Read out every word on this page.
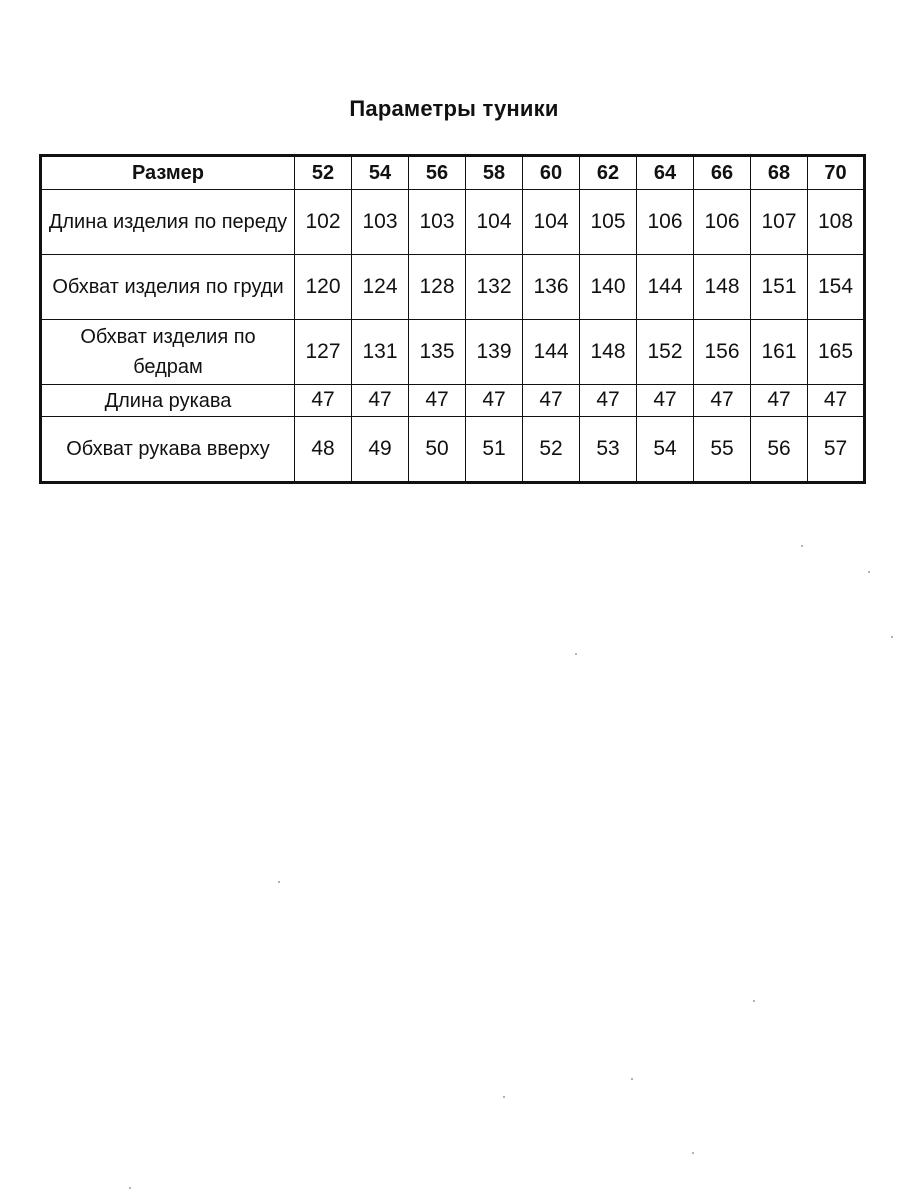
Параметры туники
Размер	52	54	56	58	60	62	64	66	68	70
Длина изделия по переду	102	103	103	104	104	105	106	106	107	108
Обхват изделия по груди	120	124	128	132	136	140	144	148	151	154
Обхват изделия по бедрам	127	131	135	139	144	148	152	156	161	165
Длина рукава	47	47	47	47	47	47	47	47	47	47
Обхват рукава вверху	48	49	50	51	52	53	54	55	56	57
